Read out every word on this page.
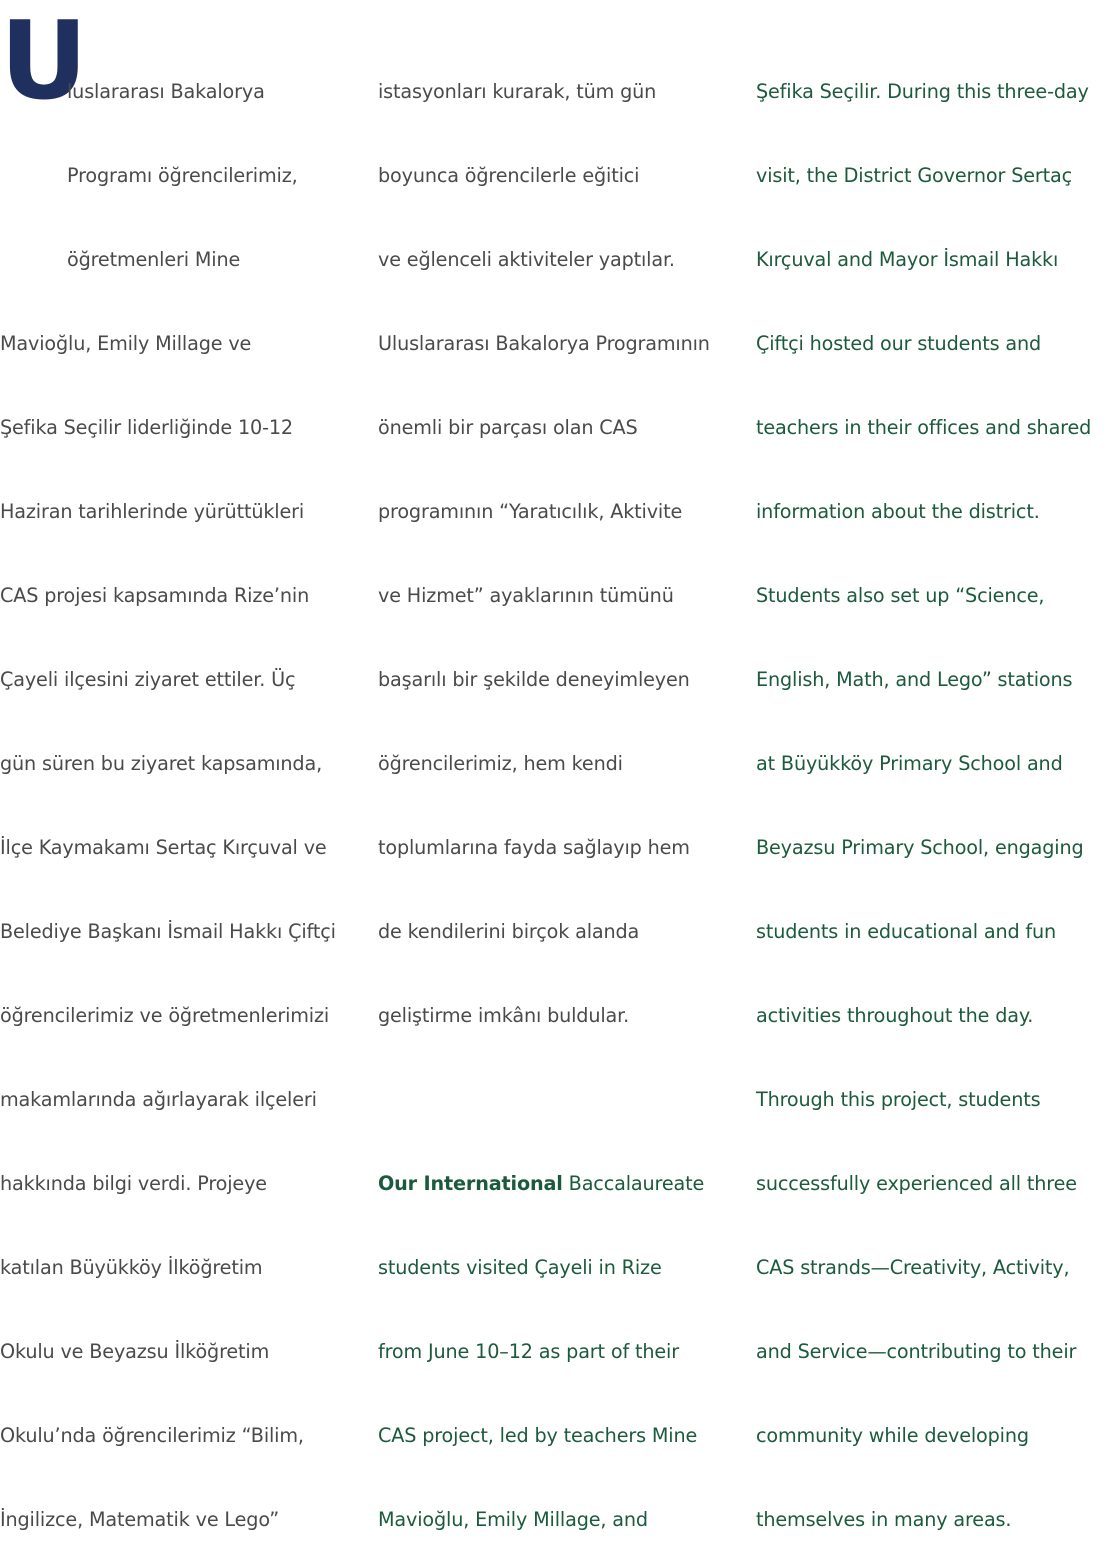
U

luslararası Bakalorya

Programı öğrencilerimiz,

öğretmenleri Mine

Mavioğlu, Emily Millage ve

Şefika Seçilir liderliğinde 10-12

Haziran tarihlerinde yürüttükleri

CAS projesi kapsamında Rize’nin

Çayeli ilçesini ziyaret ettiler. Üç

gün süren bu ziyaret kapsamında,

İlçe Kaymakamı Sertaç Kırçuval ve

Belediye Başkanı İsmail Hakkı Çiftçi

öğrencilerimiz ve öğretmenlerimizi

makamlarında ağırlayarak ilçeleri

hakkında bilgi verdi. Projeye

katılan Büyükköy İlköğretim

Okulu ve Beyazsu İlköğretim

Okulu’nda öğrencilerimiz “Bilim,

İngilizce, Matematik ve Lego”

istasyonları kurarak, tüm gün

boyunca öğrencilerle eğitici

ve eğlenceli aktiviteler yaptılar.

Uluslararası Bakalorya Programının

önemli bir parçası olan CAS

programının “Yaratıcılık, Aktivite

ve Hizmet” ayaklarının tümünü

başarılı bir şekilde deneyimleyen

öğrencilerimiz, hem kendi

toplumlarına fayda sağlayıp hem

de kendilerini birçok alanda

geliştirme imkânı buldular.

Our International Baccalaureate

students visited Çayeli in Rize

from June 10–12 as part of their

CAS project, led by teachers Mine

Mavioğlu, Emily Millage, and

Şefika Seçilir. During this three-day

visit, the District Governor Sertaç

Kırçuval and Mayor İsmail Hakkı

Çiftçi hosted our students and

teachers in their offices and shared

information about the district.

Students also set up “Science,

English, Math, and Lego” stations

at Büyükköy Primary School and

Beyazsu Primary School, engaging

students in educational and fun

activities throughout the day.

Through this project, students

successfully experienced all three

CAS strands—Creativity, Activity,

and Service—contributing to their

community while developing

themselves in many areas.
